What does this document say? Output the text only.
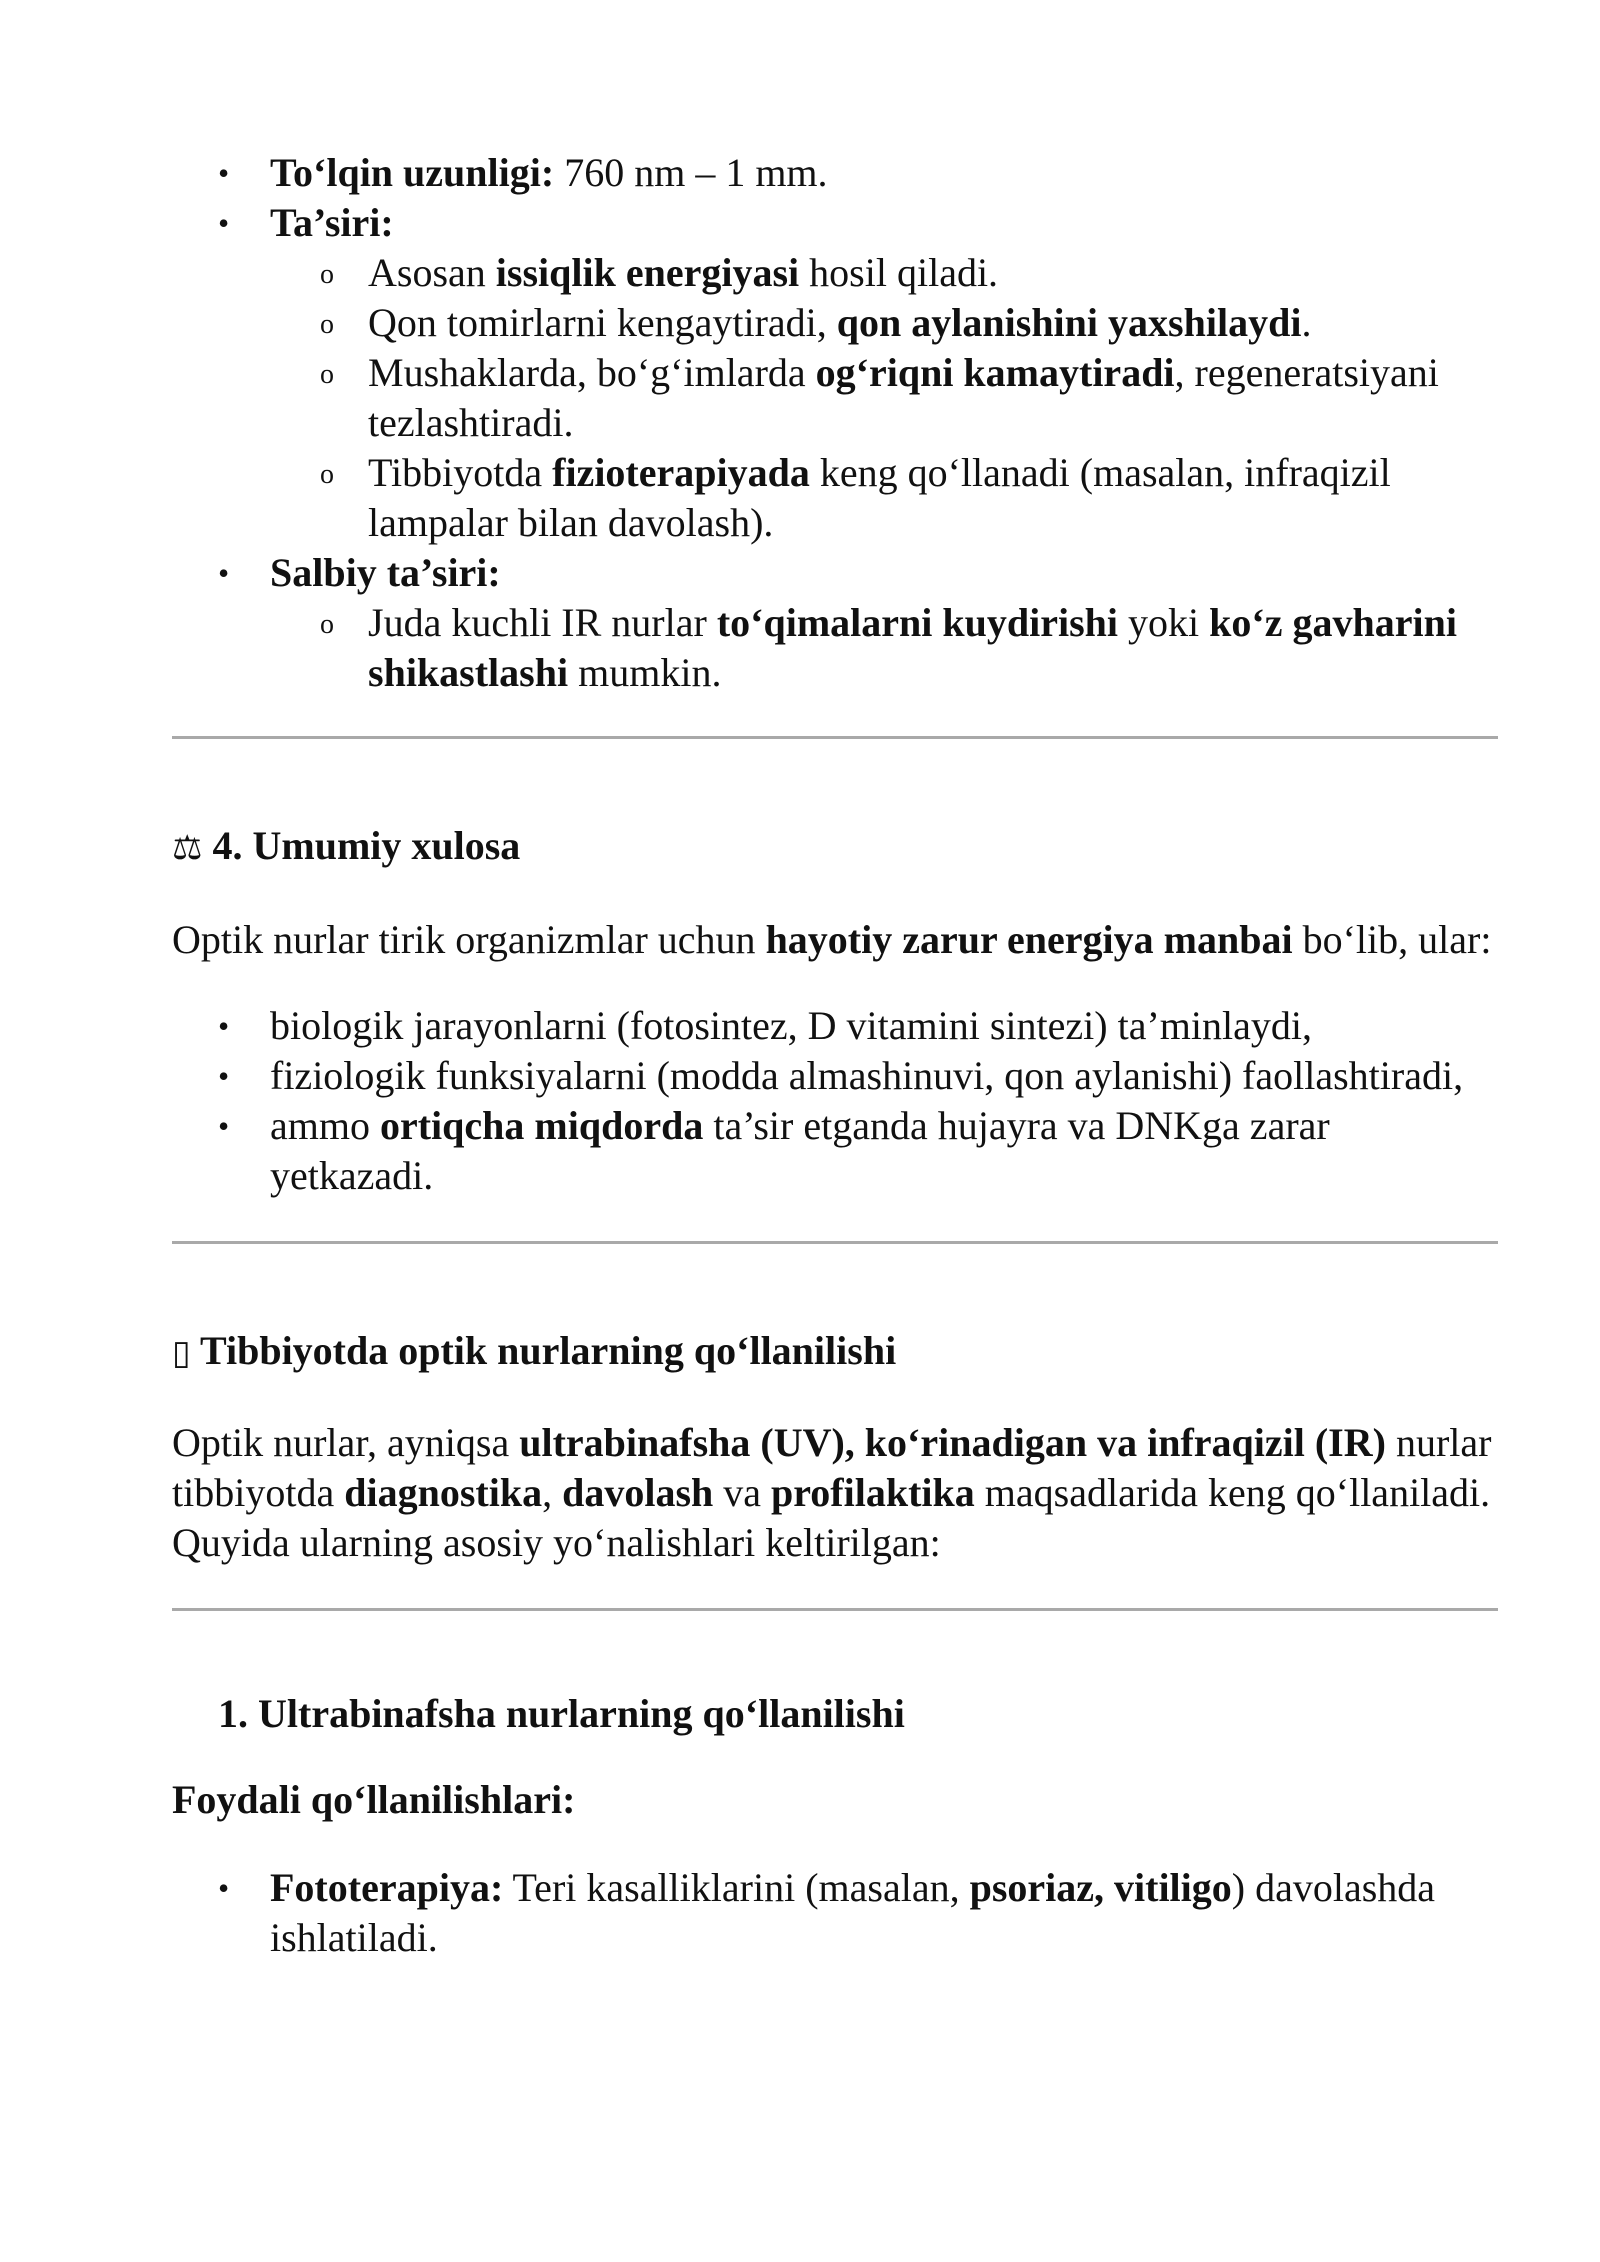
• To‘lqin uzunligi: 760 nm – 1 mm.
• Ta’siri:
o Asosan issiqlik energiyasi hosil qiladi.
o Qon tomirlarni kengaytiradi, qon aylanishini yaxshilaydi.
o Mushaklarda, bo‘g‘imlarda og‘riqni kamaytiradi, regeneratsiyani tezlashtiradi.
o Tibbiyotda fizioterapiyada keng qo‘llanadi (masalan, infraqizil lampalar bilan davolash).
• Salbiy ta’siri:
o Juda kuchli IR nurlar to‘qimalarni kuydirishi yoki ko‘z gavharini shikastlashi mumkin.
⚖ 4. Umumiy xulosa

Optik nurlar tirik organizmlar uchun hayotiy zarur energiya manbai bo‘lib, ular:

• biologik jarayonlarni (fotosintez, D vitamini sintezi) ta’minlaydi,
• fiziologik funksiyalarni (modda almashinuvi, qon aylanishi) faollashtiradi,
• ammo ortiqcha miqdorda ta’sir etganda hujayra va DNKga zarar yetkazadi.
▯ Tibbiyotda optik nurlarning qo‘llanilishi

Optik nurlar, ayniqsa ultrabinafsha (UV), ko‘rinadigan va infraqizil (IR) nurlar tibbiyotda diagnostika, davolash va profilaktika maqsadlarida keng qo‘llaniladi. Quyida ularning asosiy yo‘nalishlari keltirilgan:

1. Ultrabinafsha nurlarning qo‘llanilishi

Foydali qo‘llanilishlari:

• Fototerapiya: Teri kasalliklarini (masalan, psoriaz, vitiligo) davolashda ishlatiladi.
